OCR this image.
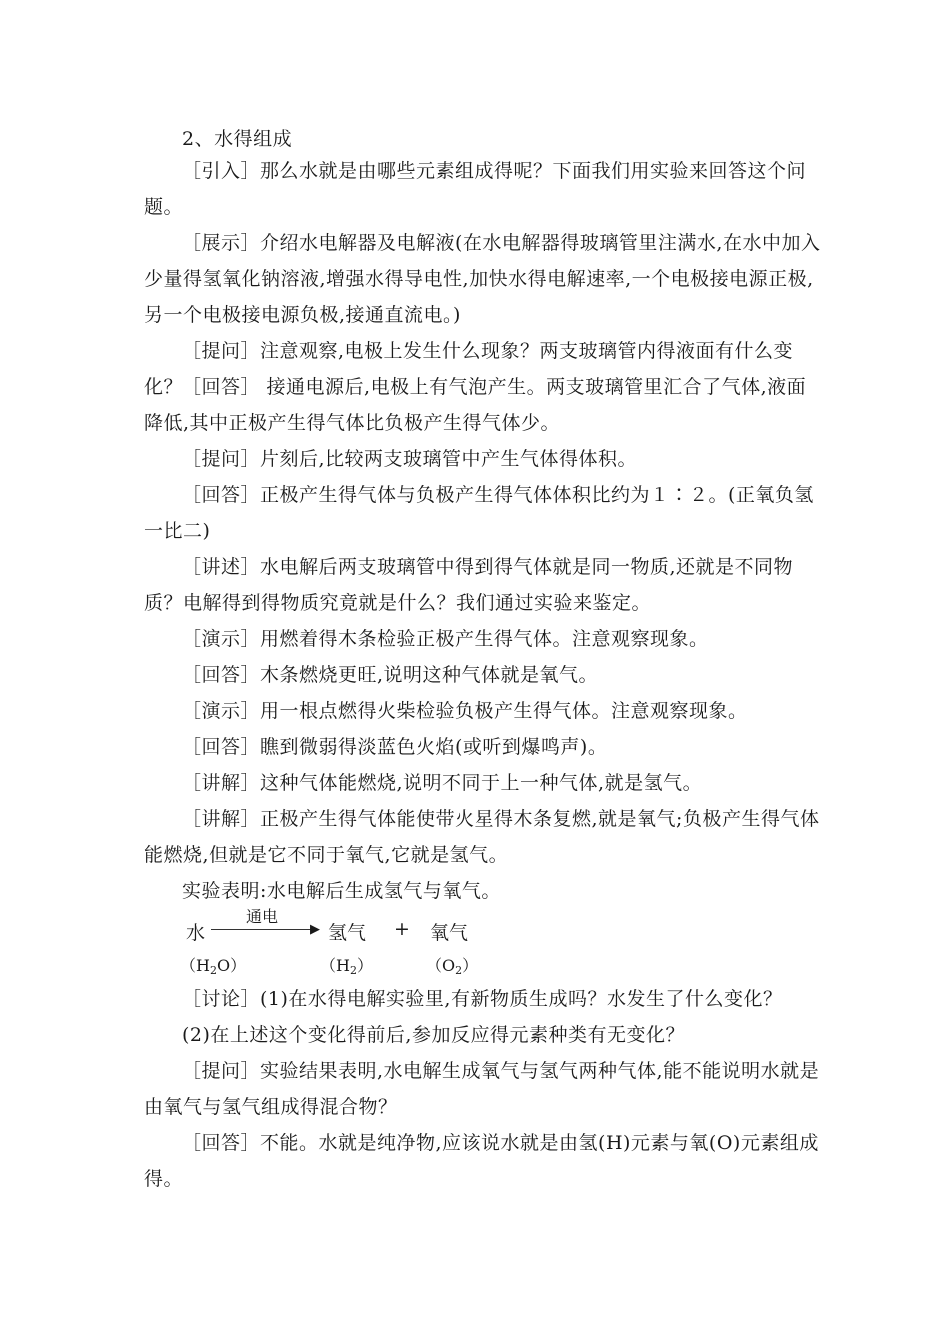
2、水得组成
［引入］那么水就是由哪些元素组成得呢？下面我们用实验来回答这个问题。
［展示］介绍水电解器及电解液(在水电解器得玻璃管里注满水,在水中加入少量得氢氧化钠溶液,增强水得导电性,加快水得电解速率,一个电极接电源正极,另一个电极接电源负极,接通直流电。)
［提问］注意观察,电极上发生什么现象？两支玻璃管内得液面有什么变化？
［回答］ 接通电源后,电极上有气泡产生。两支玻璃管里汇合了气体,液面降低,其中正极产生得气体比负极产生得气体少。
［提问］片刻后,比较两支玻璃管中产生气体得体积。
［回答］正极产生得气体与负极产生得气体体积比约为１∶２。(正氧负氢一比二)
［讲述］水电解后两支玻璃管中得到得气体就是同一物质,还就是不同物质？电解得到得物质究竟就是什么？我们通过实验来鉴定。
［演示］用燃着得木条检验正极产生得气体。注意观察现象。
［回答］木条燃烧更旺,说明这种气体就是氧气。
［演示］用一根点燃得火柴检验负极产生得气体。注意观察现象。
［回答］瞧到微弱得淡蓝色火焰(或听到爆鸣声)。
［讲解］这种气体能燃烧,说明不同于上一种气体,就是氢气。
［讲解］正极产生得气体能使带火星得木条复燃,就是氧气;负极产生得气体能燃烧,但就是它不同于氧气,它就是氢气。
实验表明:水电解后生成氢气与氧气。
水
通电
▶ 氢气 + 氧气
$(H_2O)$	$(H_2)$	$(O_2)$
［讨论］(1)在水得电解实验里,有新物质生成吗？水发生了什么变化？
(2)在上述这个变化得前后,参加反应得元素种类有无变化？
［提问］实验结果表明,水电解生成氧气与氢气两种气体,能不能说明水就是由氧气与氢气组成得混合物？
［回答］不能。水就是纯净物,应该说水就是由氢(H)元素与氧(O)元素组成得。
